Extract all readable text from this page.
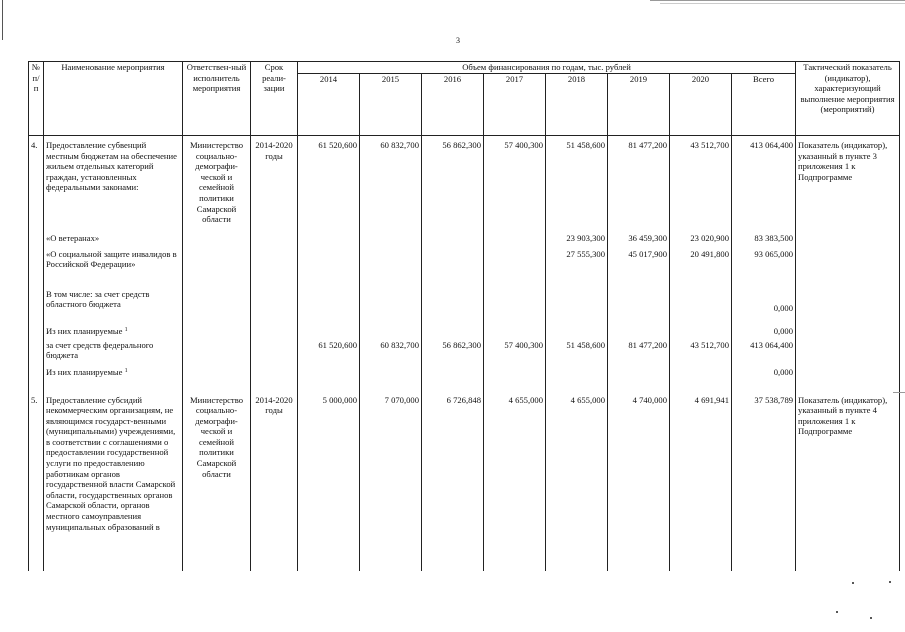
3
№ п/п	Наименование мероприятия	Ответствен-ный исполнитель мероприятия	Срок реали-зации	Объем финансирования по годам, тыс. рублей								Тактический показатель (индикатор), характеризующий выполнение мероприятия (мероприятий)
				2014	2015	2016	2017	2018	2019	2020	Всего	
4.	Предоставление субвенций местным бюджетам на обеспечение жильем отдельных категорий граждан, установленных федеральными законами:	Министерство социально-демографи-ческой и семейной политики Самарской области	2014-2020 годы	61 520,600	60 832,700	56 862,300	57 400,300	51 458,600	81 477,200	43 512,700	413 064,400	Показатель (индикатор), указанный в пункте 3 приложения 1 к Подпрограмме
	«О ветеранах»							23 903,300	36 459,300	23 020,900	83 383,500	
	«О социальной защите инвалидов в Российской Федерации»							27 555,300	45 017,900	20 491,800	93 065,000	
	В том числе: за счет средств областного бюджета										0,000	
	Из них планируемые $^1$										0,000	
	за счет средств федерального бюджета			61 520,600	60 832,700	56 862,300	57 400,300	51 458,600	81 477,200	43 512,700	413 064,400	
	Из них планируемые $^1$										0,000	
5.	Предоставление субсидий некоммерческим организациям, не являющимся государст-венными (муниципальными) учреждениями, в соответствии с соглашениями о предоставлении государственной услуги по предоставлению работникам органов государственной власти Самарской области, государственных органов Самарской области, органов местного самоуправления муниципальных образований в	Министерство социально-демографи-ческой и семейной политики Самарской области	2014-2020 годы	5 000,000	7 070,000	6 726,848	4 655,000	4 655,000	4 740,000	4 691,941	37 538,789	Показатель (индикатор), указанный в пункте 4 приложения 1 к Подпрограмме
